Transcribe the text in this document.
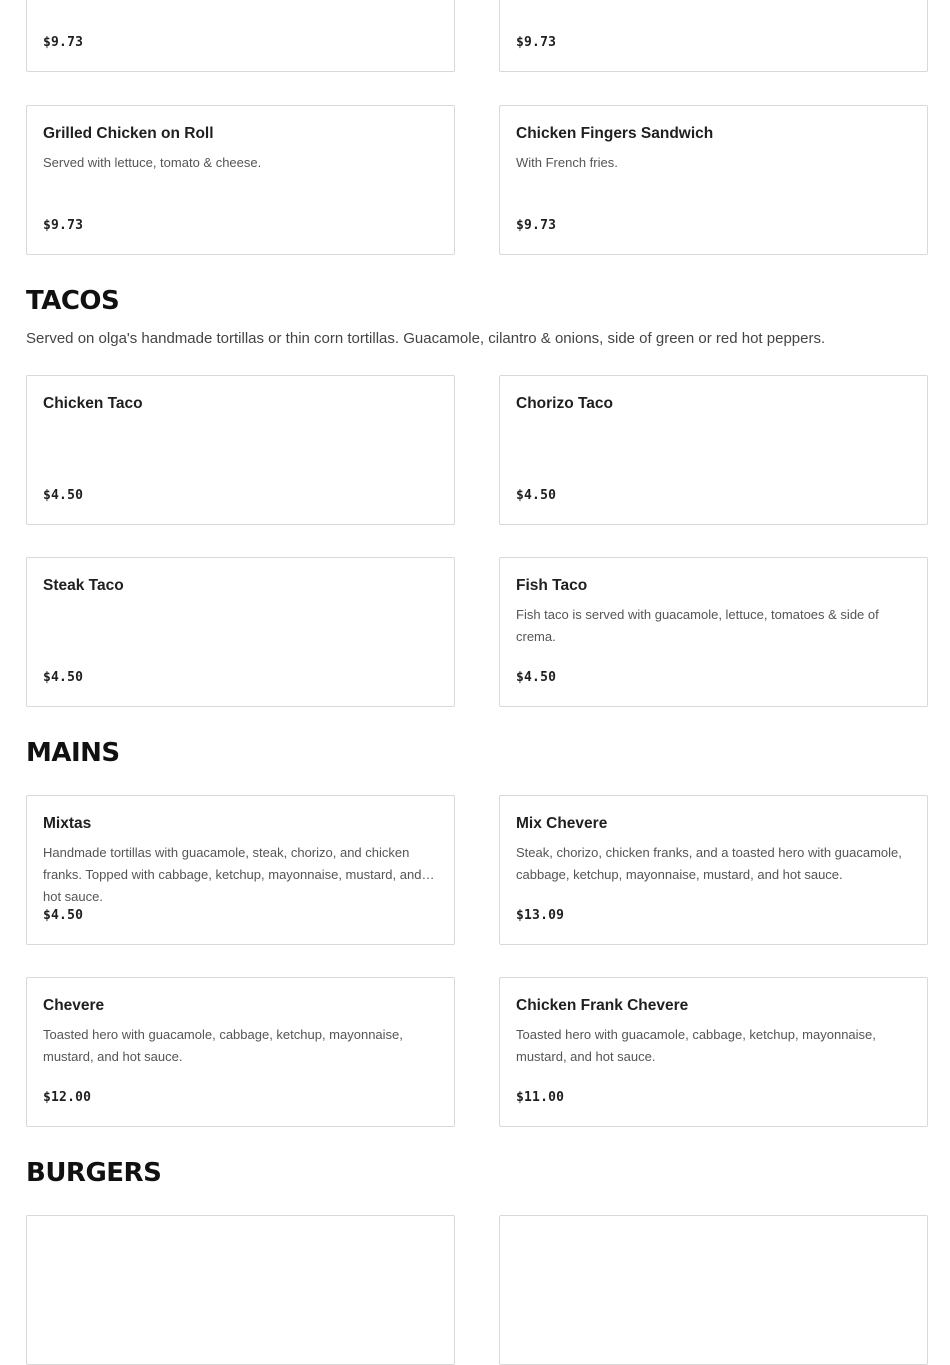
$9.73	$9.73
Grilled Chicken on Roll
Served with lettuce, tomato & cheese.
$9.73
Chicken Fingers Sandwich
With French fries.
$9.73
TACOS

Served on olga's handmade tortillas or thin corn tortillas. Guacamole, cilantro & onions, side of green or red hot peppers.

Chicken Taco
$4.50
Chorizo Taco
$4.50
Steak Taco
$4.50
Fish Taco
Fish taco is served with guacamole, lettuce, tomatoes & side of crema.
$4.50
MAINS
Mixtas
Handmade tortillas with guacamole, steak, chorizo, and chicken franks. Topped with cabbage, ketchup, mayonnaise, mustard, and hot sauce.
$4.50
Mix Chevere
Steak, chorizo, chicken franks, and a toasted hero with guacamole, cabbage, ketchup, mayonnaise, mustard, and hot sauce.
$13.09
Chevere
Toasted hero with guacamole, cabbage, ketchup, mayonnaise, mustard, and hot sauce.
$12.00
Chicken Frank Chevere
Toasted hero with guacamole, cabbage, ketchup, mayonnaise, mustard, and hot sauce.
$11.00
BURGERS
